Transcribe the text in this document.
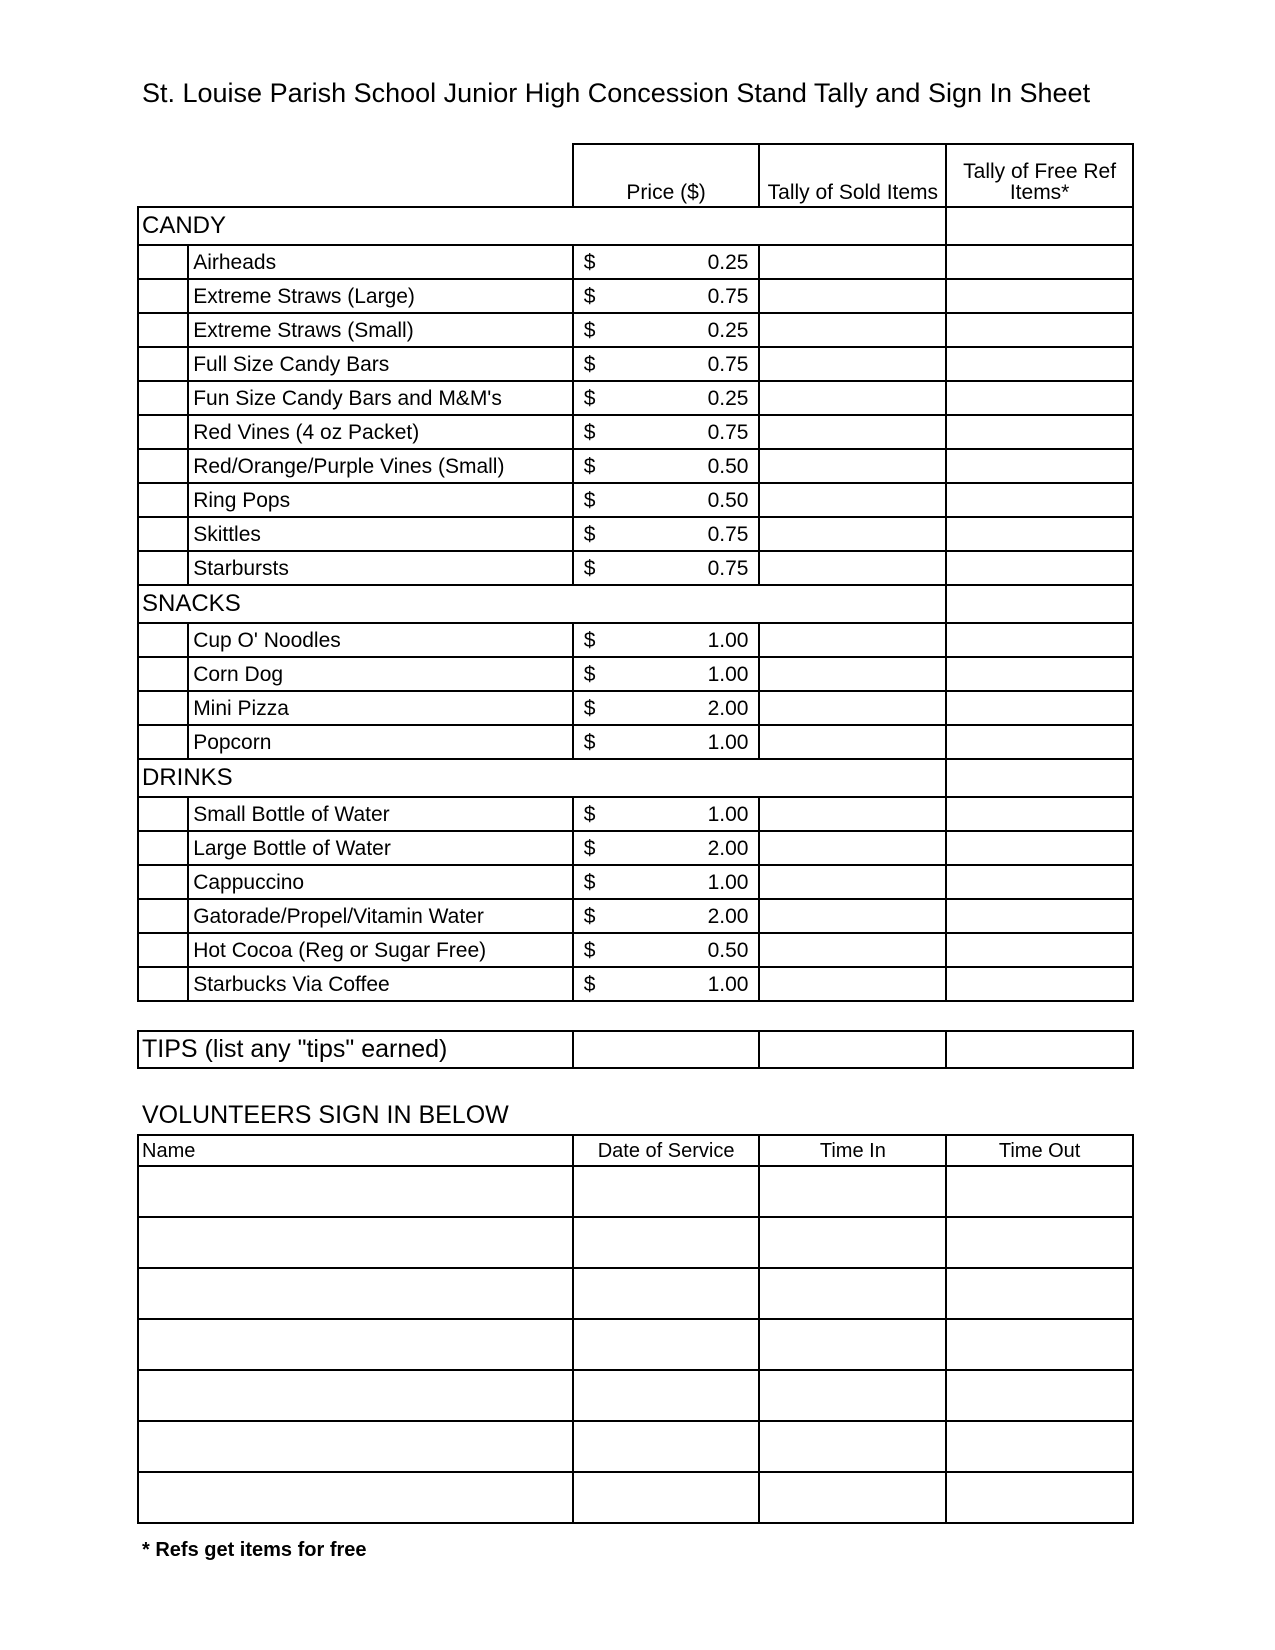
St. Louise Parish School Junior High Concession Stand Tally and Sign In Sheet
		Price ($)	Tally of Sold Items	Tally of Free Ref
Items*
CANDY				
	Airheads	$ 0.25		

	Extreme Straws (Large)	$ 0.75		

	Extreme Straws (Small)	$ 0.25		

	Full Size Candy Bars	$ 0.75		

	Fun Size Candy Bars and M&M's	$ 0.25		

	Red Vines (4 oz Packet)	$ 0.75		

	Red/Orange/Purple Vines (Small)	$ 0.50		

	Ring Pops	$ 0.50		

	Skittles	$ 0.75		

	Starbursts	$ 0.75		

SNACKS				
	Cup O' Noodles	$ 1.00		

	Corn Dog	$ 1.00		

	Mini Pizza	$ 2.00		

	Popcorn	$ 1.00		

DRINKS				
	Small Bottle of Water	$ 1.00		

	Large Bottle of Water	$ 2.00		

	Cappuccino	$ 1.00		

	Gatorade/Propel/Vitamin Water	$ 2.00		

	Hot Cocoa (Reg or Sugar Free)	$ 0.50		

	Starbucks Via Coffee	$ 1.00		

TIPS (list any "tips" earned)			
VOLUNTEERS SIGN IN BELOW
Name	Date of Service	Time In	Time Out

* Refs get items for free
